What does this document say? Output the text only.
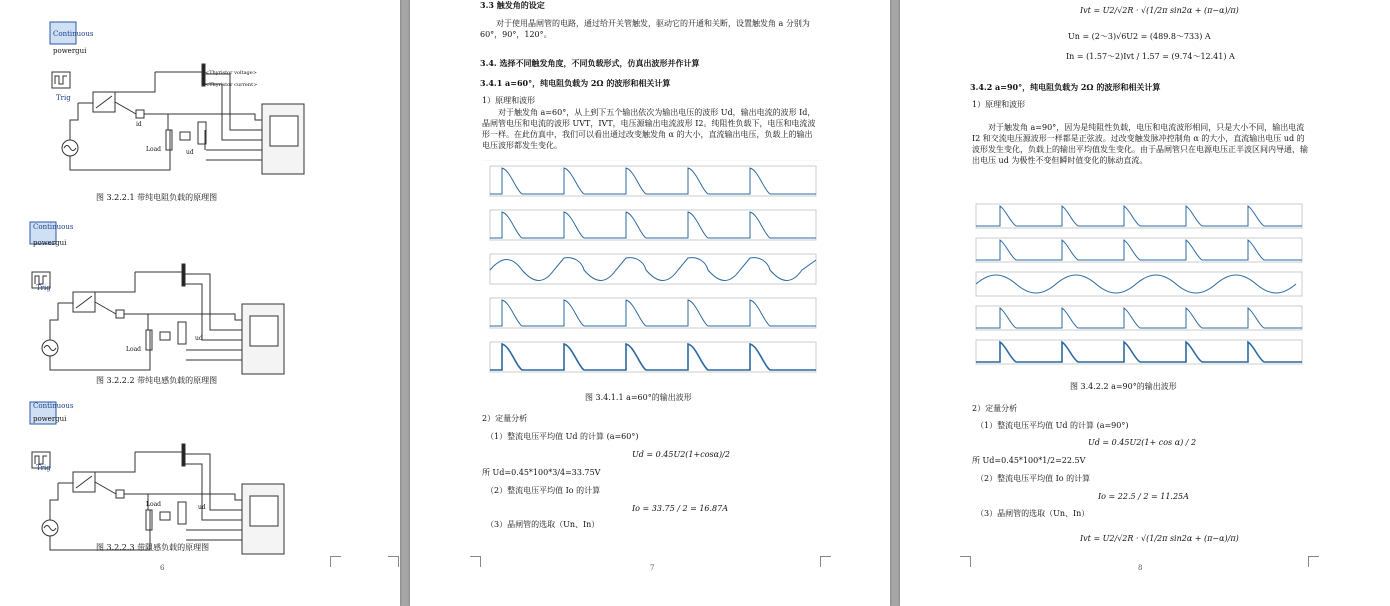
Continuous
powergui
Trig
<Thyristor voltage>
<Thyristor current>
Load	ud
id
图 3.2.2.1 带纯电阻负载的原理图
Continuous
powergui
Trig
Load
ud
图 3.2.2.2 带纯电感负载的原理图
Continuous
powergui
Trig
Load	ud
图 3.2.2.3 带阻感负载的原理图
6
3.3 触发角的设定
对于使用晶闸管的电路，通过给开关管触发，驱动它的开通和关断，设置触发角 a 分别为 60°，90°，120°。
3.4. 选择不同触发角度，不同负载形式，仿真出波形并作计算
3.4.1 a=60°，纯电阻负载为 2Ω 的波形和相关计算
1）原理和波形
对于触发角 a=60°，从上到下五个输出依次为输出电压的波形 Ud，输出电流的波形 Id，晶闸管电压和电流的波形 UVT，IVT，电压源输出电流波形 I2。纯阻性负载下，电压和电流波形一样。在此仿真中，我们可以看出通过改变触发角 α 的大小，直流输出电压，负载上的输出电压波形都发生变化。
图 3.4.1.1 a=60°的输出波形
2）定量分析
（1）整流电压平均值 Ud 的计算 (a=60°)
Ud = 0.45U2(1+cosα)/2
所 Ud=0.45*100*3/4=33.75V
（2）整流电压平均值 Io 的计算
Io = 33.75 / 2 = 16.87A
（3）晶闸管的选取（Un、In）
7
Ivt = U2/√2R · √(1/2π sin2α + (π−α)/π)
Un = (2～3)√6U2 = (489.8～733) A
In = (1.57～2)Ivt / 1.57 = (9.74～12.41) A
3.4.2 a=90°，纯电阻负载为 2Ω 的波形和相关计算
1）原理和波形
对于触发角 a=90°，因为是纯阻性负载，电压和电流波形相同，只是大小不同，输出电流 I2 和交流电压源波形一样都是正弦波。过改变触发脉冲控制角 α 的大小，直流输出电压 ud 的波形发生变化，负载上的输出平均值发生变化。由于晶闸管只在电源电压正半波区间内导通，输出电压 ud 为极性不变但瞬时值变化的脉动直流。
图 3.4.2.2 a=90°的输出波形
2）定量分析
（1）整流电压平均值 Ud 的计算 (a=90°)
Ud = 0.45U2(1+ cos α) / 2
所 Ud=0.45*100*1/2=22.5V
（2）整流电压平均值 Io 的计算
Io = 22.5 / 2 = 11.25A
（3）晶闸管的选取（Un、In）
Ivt = U2/√2R · √(1/2π sin2α + (π−α)/π)
8
